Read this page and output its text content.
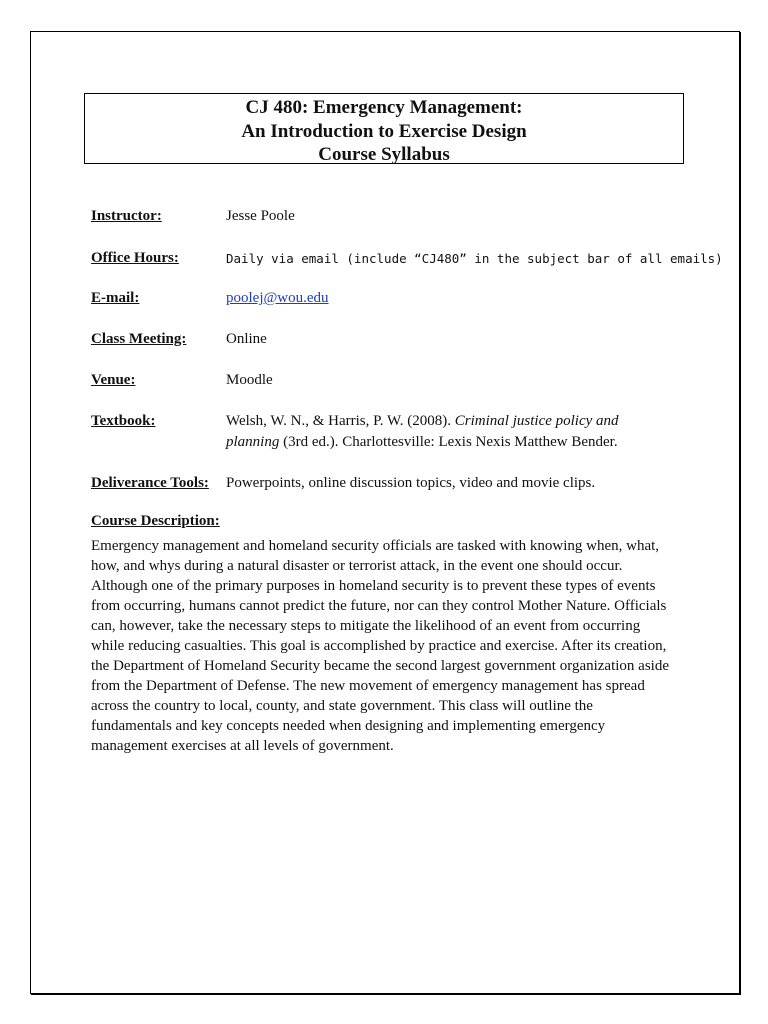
CJ 480: Emergency Management:
An Introduction to Exercise Design
Course Syllabus
Instructor:	Jesse Poole
Office Hours:	Daily via email (include “CJ480” in the subject bar of all emails)
E-mail:	poolej@wou.edu
Class Meeting:	Online
Venue:	Moodle
Textbook:	Welsh, W. N., & Harris, P. W. (2008). Criminal justice policy and
planning (3rd ed.). Charlottesville: Lexis Nexis Matthew Bender.
Deliverance Tools: Powerpoints, online discussion topics, video and movie clips.
Course Description:
Emergency management and homeland security officials are tasked with knowing when, what,
how, and whys during a natural disaster or terrorist attack, in the event one should occur.
Although one of the primary purposes in homeland security is to prevent these types of events
from occurring, humans cannot predict the future, nor can they control Mother Nature. Officials
can, however, take the necessary steps to mitigate the likelihood of an event from occurring
while reducing casualties. This goal is accomplished by practice and exercise. After its creation,
the Department of Homeland Security became the second largest government organization aside
from the Department of Defense. The new movement of emergency management has spread
across the country to local, county, and state government. This class will outline the
fundamentals and key concepts needed when designing and implementing emergency
management exercises at all levels of government.
